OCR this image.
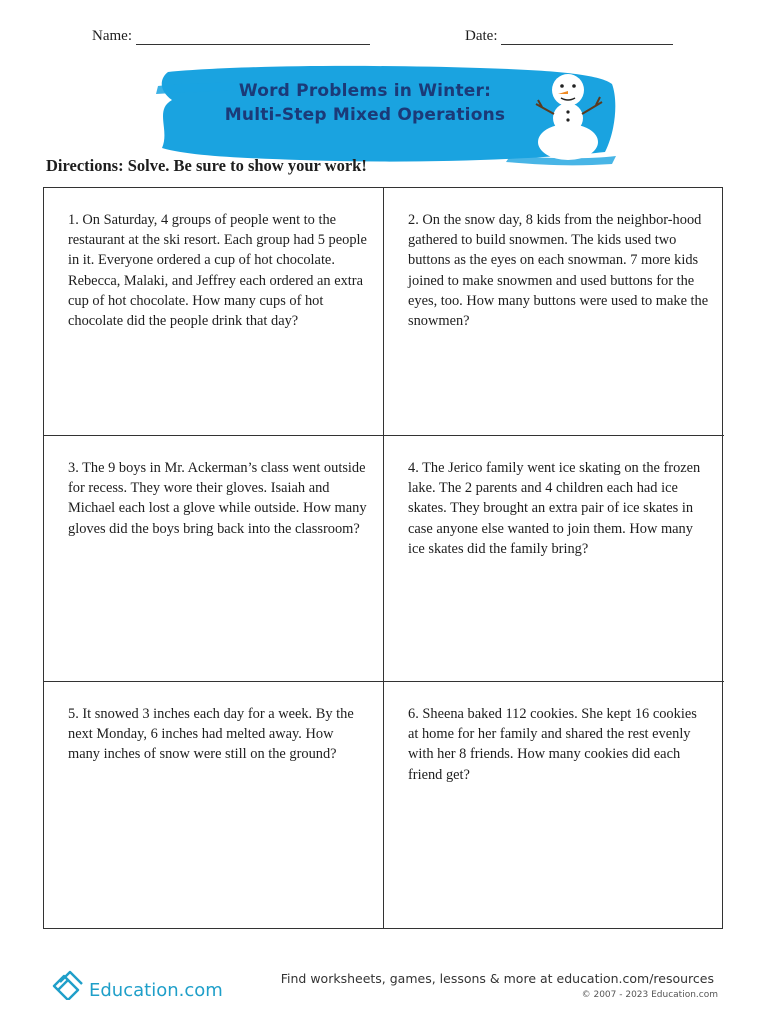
Name:	Date:
Word Problems in Winter:
Multi-Step Mixed Operations
Directions: Solve. Be sure to show your work!
1. On Saturday, 4 groups of people went to the restaurant at the ski resort. Each group had 5 people in it. Everyone ordered a cup of hot chocolate. Rebecca, Malaki, and Jeffrey each ordered an extra cup of hot chocolate. How many cups of hot chocolate did the people drink that day?
2. On the snow day, 8 kids from the neighbor-hood gathered to build snowmen. The kids used two buttons as the eyes on each snowman. 7 more kids joined to make snowmen and used buttons for the eyes, too. How many buttons were used to make the snowmen?
3. The 9 boys in Mr. Ackerman’s class went outside for recess. They wore their gloves. Isaiah and Michael each lost a glove while outside. How many gloves did the boys bring back into the classroom?
4. The Jerico family went ice skating on the frozen lake. The 2 parents and 4 children each had ice skates. They brought an extra pair of ice skates in case anyone else wanted to join them. How many ice skates did the family bring?
5. It snowed 3 inches each day for a week. By the next Monday, 6 inches had melted away. How many inches of snow were still on the ground?
6. Sheena baked 112 cookies. She kept 16 cookies at home for her family and shared the rest evenly with her 8 friends. How many cookies did each friend get?
Education.com
Find worksheets, games, lessons & more at education.com/resources
© 2007 - 2023 Education.com
